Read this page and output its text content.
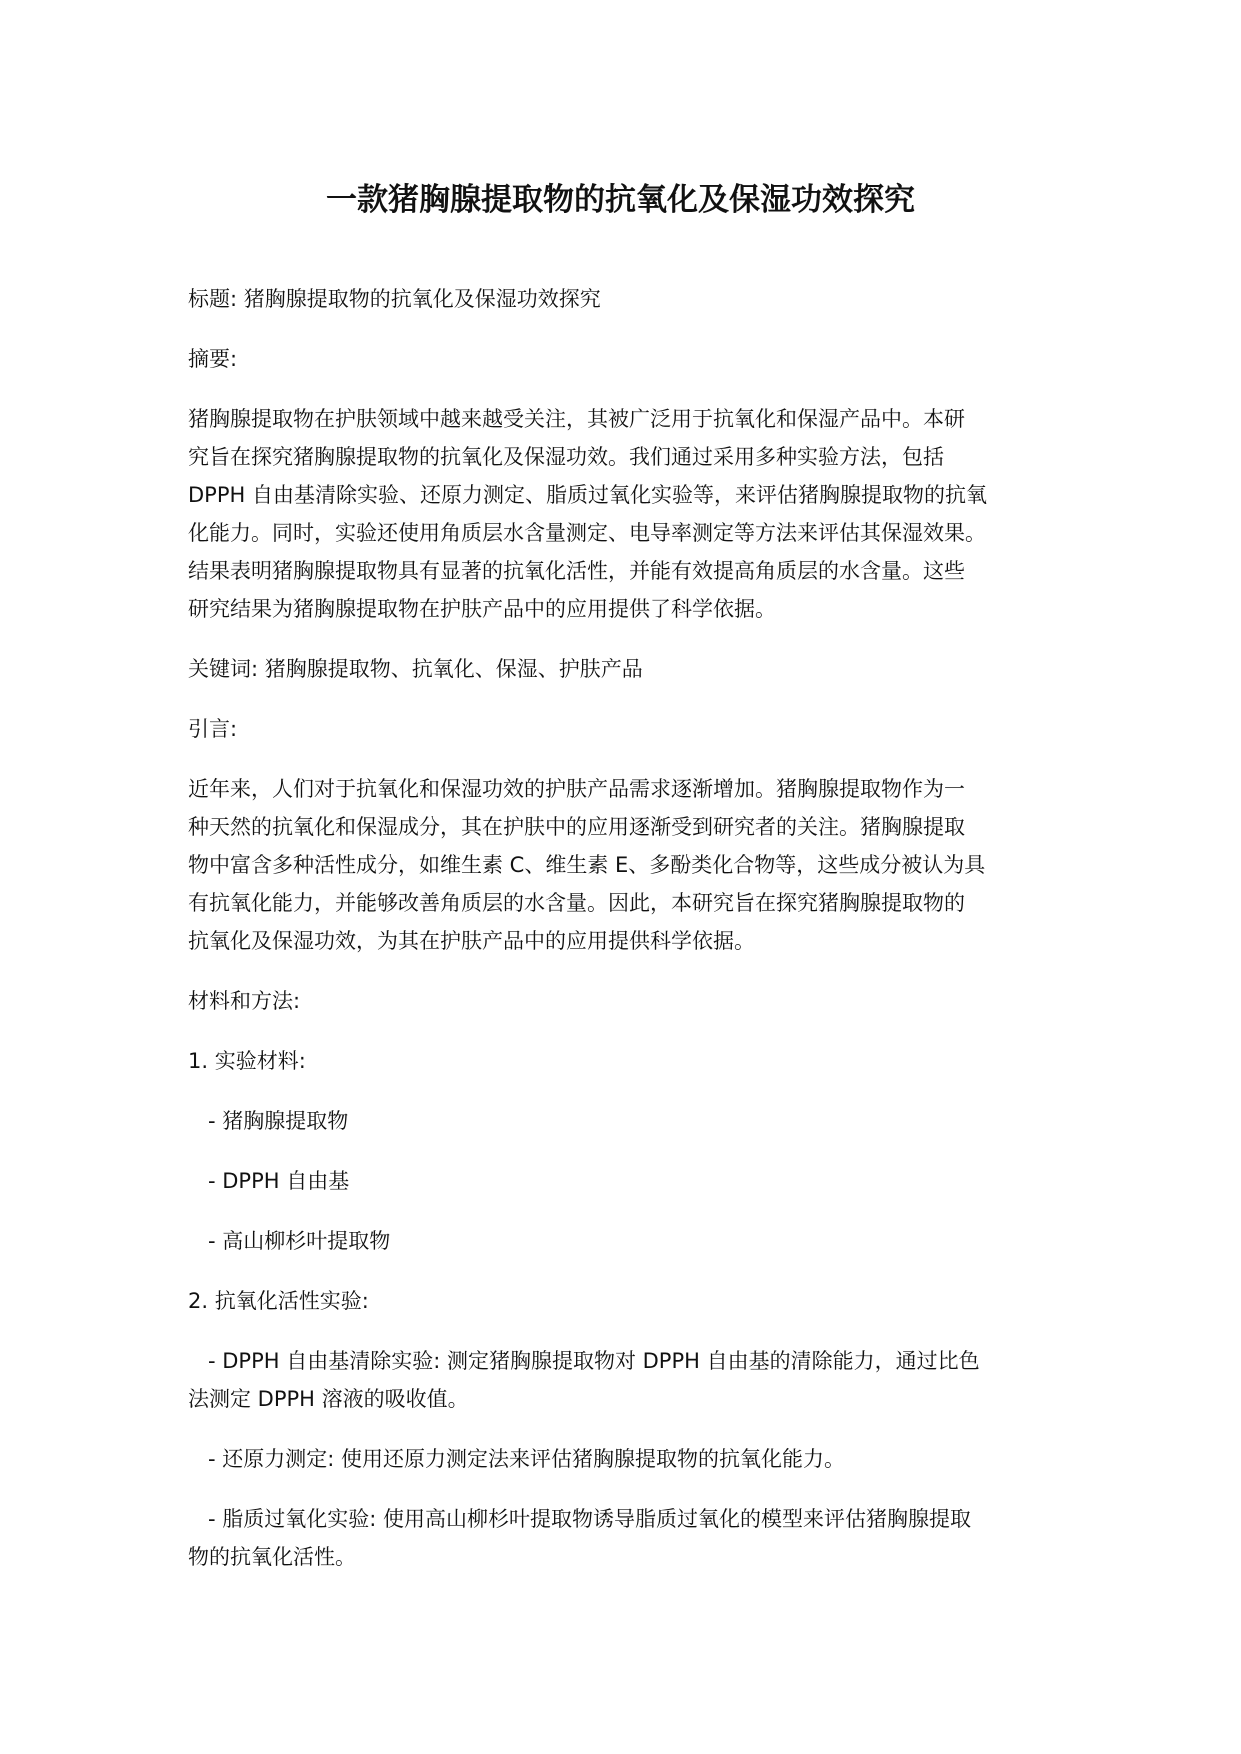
一款猪胸腺提取物的抗氧化及保湿功效探究

标题: 猪胸腺提取物的抗氧化及保湿功效探究

摘要:

猪胸腺提取物在护肤领域中越来越受关注，其被广泛用于抗氧化和保湿产品中。本研
究旨在探究猪胸腺提取物的抗氧化及保湿功效。我们通过采用多种实验方法，包括
DPPH 自由基清除实验、还原力测定、脂质过氧化实验等，来评估猪胸腺提取物的抗氧
化能力。同时，实验还使用角质层水含量测定、电导率测定等方法来评估其保湿效果。
结果表明猪胸腺提取物具有显著的抗氧化活性，并能有效提高角质层的水含量。这些
研究结果为猪胸腺提取物在护肤产品中的应用提供了科学依据。

关键词: 猪胸腺提取物、抗氧化、保湿、护肤产品

引言:

近年来，人们对于抗氧化和保湿功效的护肤产品需求逐渐增加。猪胸腺提取物作为一
种天然的抗氧化和保湿成分，其在护肤中的应用逐渐受到研究者的关注。猪胸腺提取
物中富含多种活性成分，如维生素 C、维生素 E、多酚类化合物等，这些成分被认为具
有抗氧化能力，并能够改善角质层的水含量。因此，本研究旨在探究猪胸腺提取物的
抗氧化及保湿功效，为其在护肤产品中的应用提供科学依据。

材料和方法:

1. 实验材料:

- 猪胸腺提取物

- DPPH 自由基

- 高山柳杉叶提取物

2. 抗氧化活性实验:

- DPPH 自由基清除实验: 测定猪胸腺提取物对 DPPH 自由基的清除能力，通过比色
法测定 DPPH 溶液的吸收值。

- 还原力测定: 使用还原力测定法来评估猪胸腺提取物的抗氧化能力。

- 脂质过氧化实验: 使用高山柳杉叶提取物诱导脂质过氧化的模型来评估猪胸腺提取
物的抗氧化活性。
